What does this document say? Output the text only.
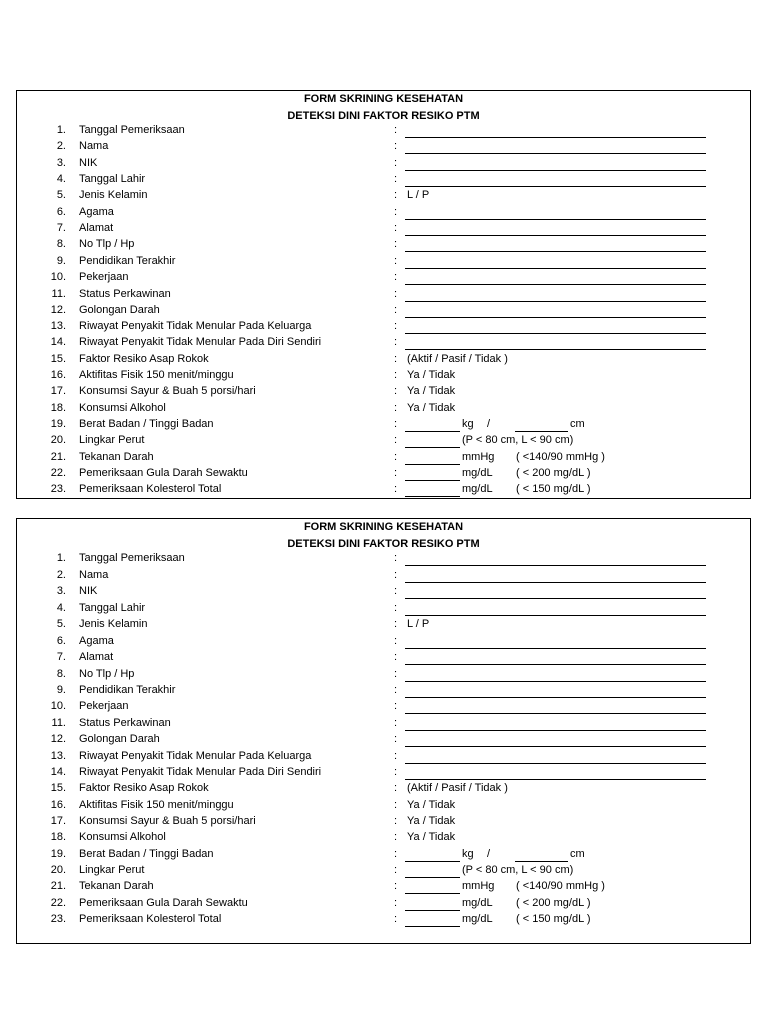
FORM SKRINING KESEHATAN
DETEKSI DINI FAKTOR RESIKO PTM
1. Tanggal Pemeriksaan	:
2. Nama	:
3. NIK	:
4. Tanggal Lahir	:
5. Jenis Kelamin	: L / P
6. Agama	:
7. Alamat	:
8. No Tlp / Hp	:
9. Pendidikan Terakhir	:
10. Pekerjaan	:
11. Status Perkawinan	:
12. Golongan Darah	:
13. Riwayat Penyakit Tidak Menular Pada Keluarga	:
14. Riwayat Penyakit Tidak Menular Pada Diri Sendiri	:
15. Faktor Resiko Asap Rokok	: (Aktif / Pasif / Tidak )
16. Aktifitas Fisik 150 menit/minggu	: Ya / Tidak
17. Konsumsi Sayur & Buah 5 porsi/hari	: Ya / Tidak
18. Konsumsi Alkohol	: Ya / Tidak
19. Berat Badan / Tinggi Badan	:	kg /	cm
20. Lingkar Perut	:	(P < 80 cm, L < 90 cm)
21. Tekanan Darah	:	mmHg ( <140/90 mmHg )
22. Pemeriksaan Gula Darah Sewaktu	:	mg/dL ( < 200 mg/dL )
23. Pemeriksaan Kolesterol Total	:	mg/dL ( < 150 mg/dL )
FORM SKRINING KESEHATAN
DETEKSI DINI FAKTOR RESIKO PTM
1. Tanggal Pemeriksaan	:
2. Nama	:
3. NIK	:
4. Tanggal Lahir	:
5. Jenis Kelamin	: L / P
6. Agama	:
7. Alamat	:
8. No Tlp / Hp	:
9. Pendidikan Terakhir	:
10. Pekerjaan	:
11. Status Perkawinan	:
12. Golongan Darah	:
13. Riwayat Penyakit Tidak Menular Pada Keluarga	:
14. Riwayat Penyakit Tidak Menular Pada Diri Sendiri	:
15. Faktor Resiko Asap Rokok	: (Aktif / Pasif / Tidak )
16. Aktifitas Fisik 150 menit/minggu	: Ya / Tidak
17. Konsumsi Sayur & Buah 5 porsi/hari	: Ya / Tidak
18. Konsumsi Alkohol	: Ya / Tidak
19. Berat Badan / Tinggi Badan	:	kg /	cm
20. Lingkar Perut	:	(P < 80 cm, L < 90 cm)
21. Tekanan Darah	:	mmHg ( <140/90 mmHg )
22. Pemeriksaan Gula Darah Sewaktu	:	mg/dL ( < 200 mg/dL )
23. Pemeriksaan Kolesterol Total	:	mg/dL ( < 150 mg/dL )
